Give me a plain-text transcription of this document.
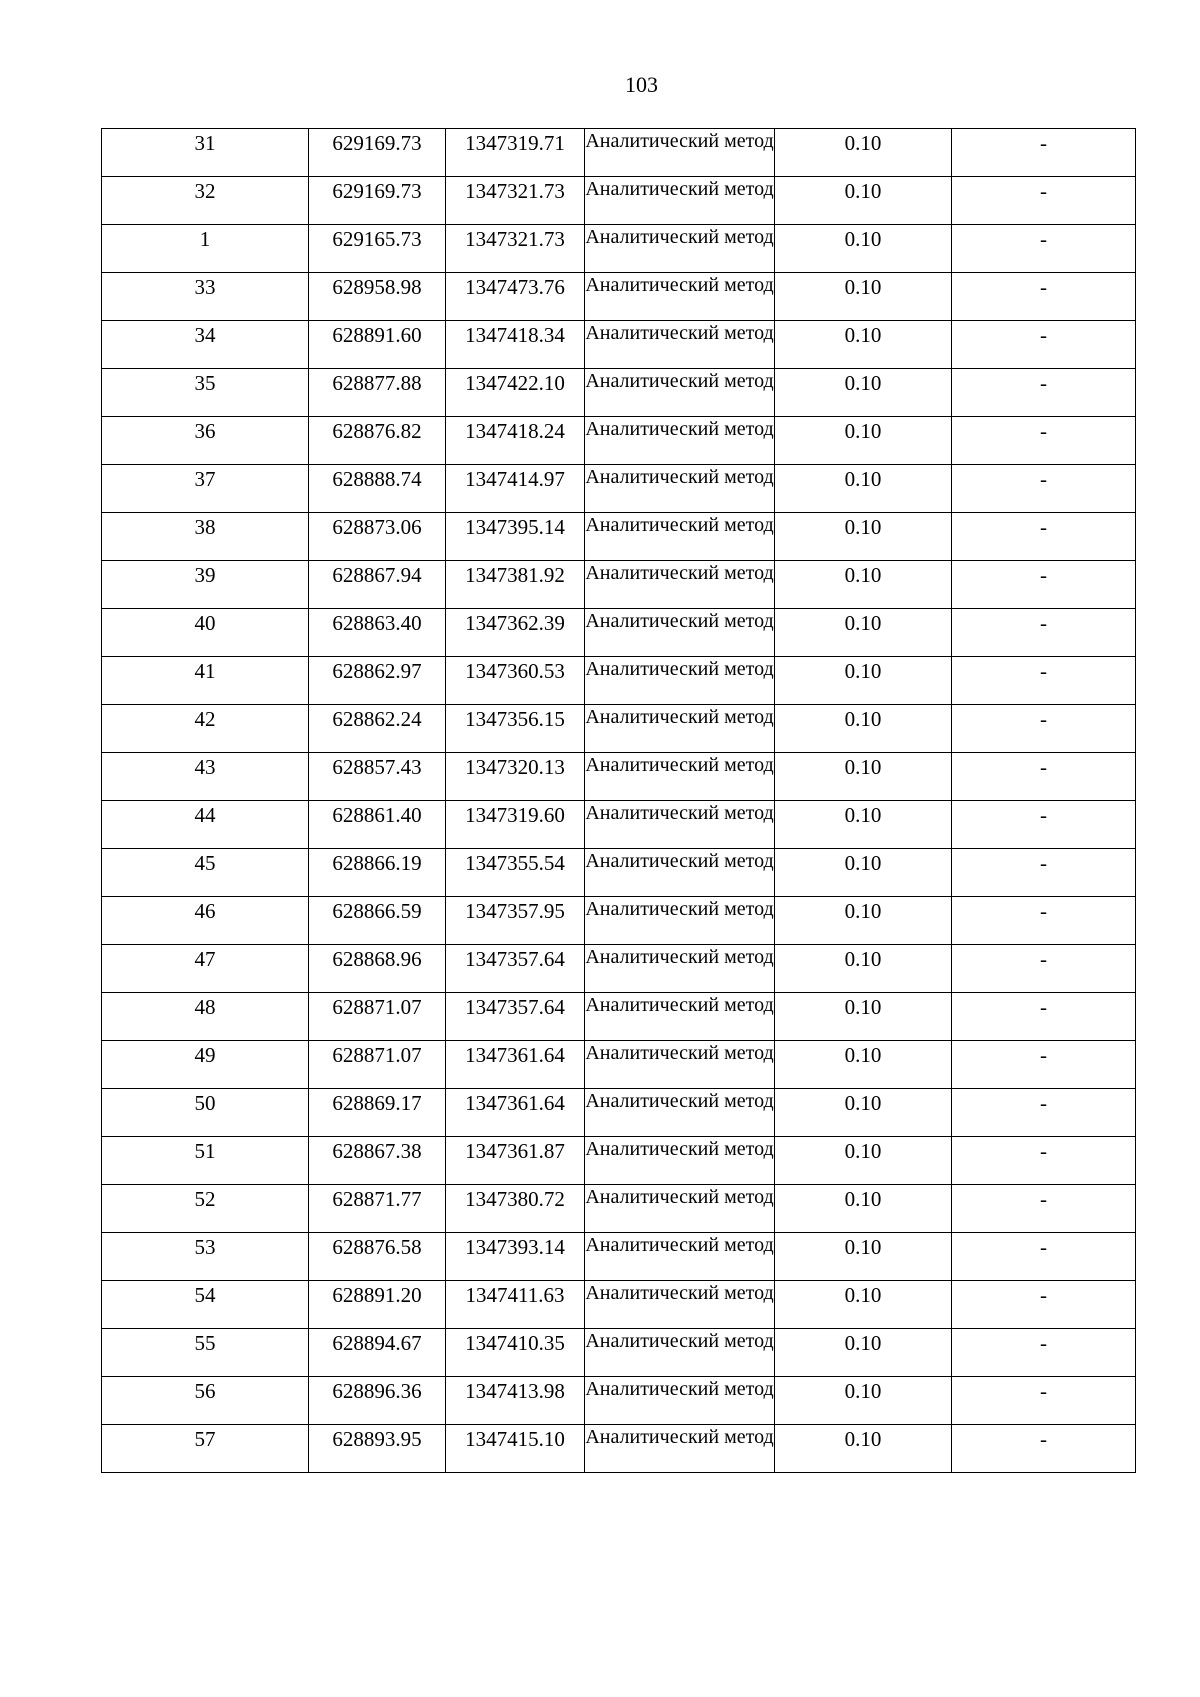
103
31	629169.73	1347319.71	Аналитический метод	0.10	-
32	629169.73	1347321.73	Аналитический метод	0.10	-
1	629165.73	1347321.73	Аналитический метод	0.10	-
33	628958.98	1347473.76	Аналитический метод	0.10	-
34	628891.60	1347418.34	Аналитический метод	0.10	-
35	628877.88	1347422.10	Аналитический метод	0.10	-
36	628876.82	1347418.24	Аналитический метод	0.10	-
37	628888.74	1347414.97	Аналитический метод	0.10	-
38	628873.06	1347395.14	Аналитический метод	0.10	-
39	628867.94	1347381.92	Аналитический метод	0.10	-
40	628863.40	1347362.39	Аналитический метод	0.10	-
41	628862.97	1347360.53	Аналитический метод	0.10	-
42	628862.24	1347356.15	Аналитический метод	0.10	-
43	628857.43	1347320.13	Аналитический метод	0.10	-
44	628861.40	1347319.60	Аналитический метод	0.10	-
45	628866.19	1347355.54	Аналитический метод	0.10	-
46	628866.59	1347357.95	Аналитический метод	0.10	-
47	628868.96	1347357.64	Аналитический метод	0.10	-
48	628871.07	1347357.64	Аналитический метод	0.10	-
49	628871.07	1347361.64	Аналитический метод	0.10	-
50	628869.17	1347361.64	Аналитический метод	0.10	-
51	628867.38	1347361.87	Аналитический метод	0.10	-
52	628871.77	1347380.72	Аналитический метод	0.10	-
53	628876.58	1347393.14	Аналитический метод	0.10	-
54	628891.20	1347411.63	Аналитический метод	0.10	-
55	628894.67	1347410.35	Аналитический метод	0.10	-
56	628896.36	1347413.98	Аналитический метод	0.10	-
57	628893.95	1347415.10	Аналитический метод	0.10	-
